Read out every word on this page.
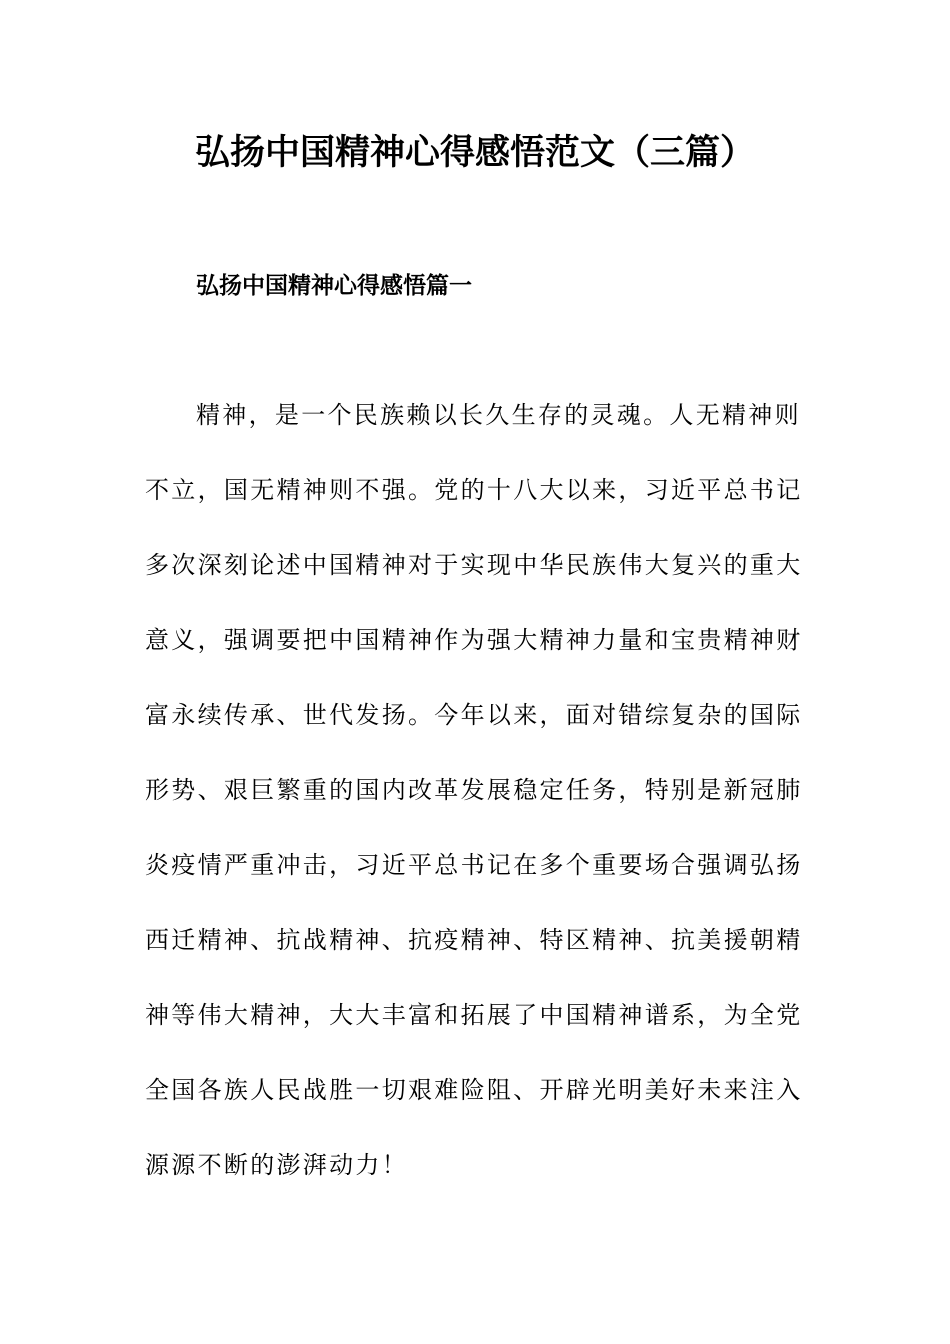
弘扬中国精神心得感悟范文（三篇）
弘扬中国精神心得感悟篇一
精神，是一个民族赖以长久生存的灵魂。人无精神则
不立，国无精神则不强。党的十八大以来，习近平总书记
多次深刻论述中国精神对于实现中华民族伟大复兴的重大
意义，强调要把中国精神作为强大精神力量和宝贵精神财
富永续传承、世代发扬。今年以来，面对错综复杂的国际
形势、艰巨繁重的国内改革发展稳定任务，特别是新冠肺
炎疫情严重冲击，习近平总书记在多个重要场合强调弘扬
西迁精神、抗战精神、抗疫精神、特区精神、抗美援朝精
神等伟大精神，大大丰富和拓展了中国精神谱系，为全党
全国各族人民战胜一切艰难险阻、开辟光明美好未来注入
源源不断的澎湃动力！
